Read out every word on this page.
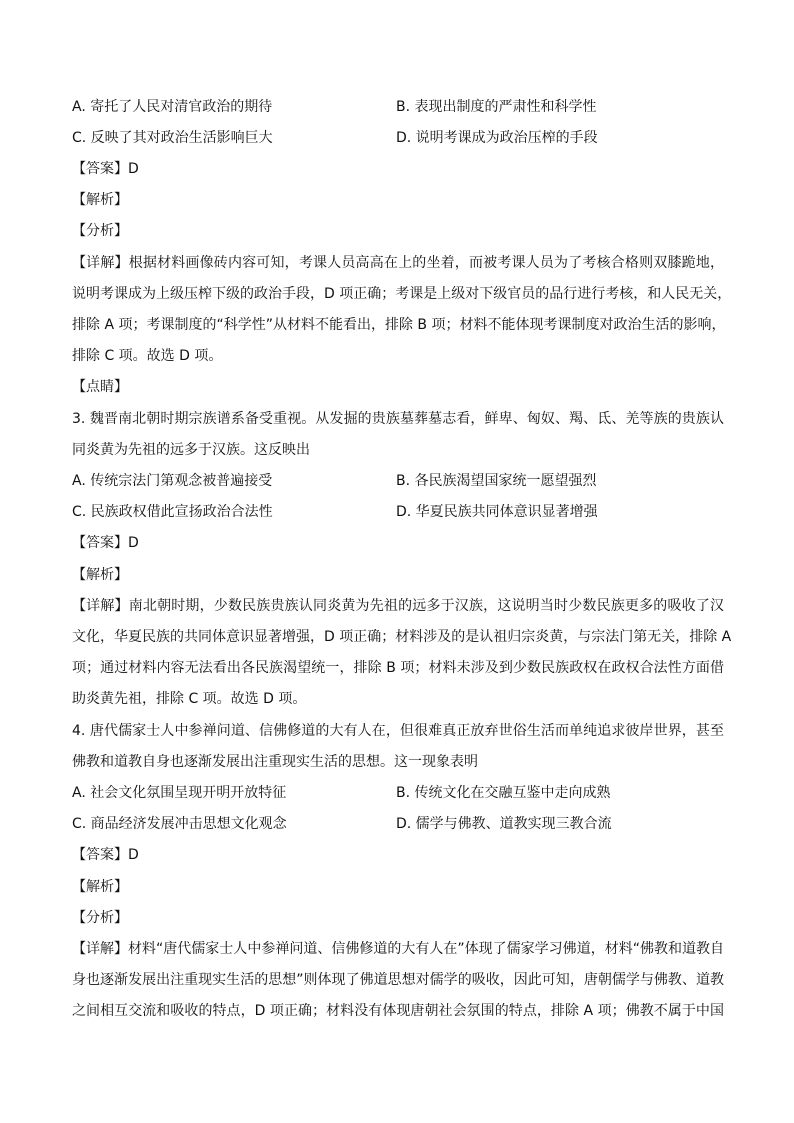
A. 寄托了人民对清官政治的期待	B. 表现出制度的严肃性和科学性
C. 反映了其对政治生活影响巨大	D. 说明考课成为政治压榨的手段
【答案】D
【解析】
【分析】
【详解】根据材料画像砖内容可知，考课人员高高在上的坐着，而被考课人员为了考核合格则双膝跪地，
说明考课成为上级压榨下级的政治手段，D 项正确；考课是上级对下级官员的品行进行考核，和人民无关，
排除 A 项；考课制度的“科学性”从材料不能看出，排除 B 项；材料不能体现考课制度对政治生活的影响，
排除 C 项。故选 D 项。
【点睛】
3. 魏晋南北朝时期宗族谱系备受重视。从发掘的贵族墓葬墓志看，鲜卑、匈奴、羯、氐、羌等族的贵族认
同炎黄为先祖的远多于汉族。这反映出
A. 传统宗法门第观念被普遍接受	B. 各民族渴望国家统一愿望强烈
C. 民族政权借此宣扬政治合法性	D. 华夏民族共同体意识显著增强
【答案】D
【解析】
【详解】南北朝时期，少数民族贵族认同炎黄为先祖的远多于汉族，这说明当时少数民族更多的吸收了汉
文化，华夏民族的共同体意识显著增强，D 项正确；材料涉及的是认祖归宗炎黄，与宗法门第无关，排除 A
项；通过材料内容无法看出各民族渴望统一，排除 B 项；材料未涉及到少数民族政权在政权合法性方面借
助炎黄先祖，排除 C 项。故选 D 项。
4. 唐代儒家士人中参禅问道、信佛修道的大有人在，但很难真正放弃世俗生活而单纯追求彼岸世界，甚至
佛教和道教自身也逐渐发展出注重现实生活的思想。这一现象表明
A. 社会文化氛围呈现开明开放特征	B. 传统文化在交融互鉴中走向成熟
C. 商品经济发展冲击思想文化观念	D. 儒学与佛教、道教实现三教合流
【答案】D
【解析】
【分析】
【详解】材料“唐代儒家士人中参禅问道、信佛修道的大有人在”体现了儒家学习佛道，材料“佛教和道教自
身也逐渐发展出注重现实生活的思想”则体现了佛道思想对儒学的吸收，因此可知，唐朝儒学与佛教、道教
之间相互交流和吸收的特点，D 项正确；材料没有体现唐朝社会氛围的特点，排除 A 项；佛教不属于中国
